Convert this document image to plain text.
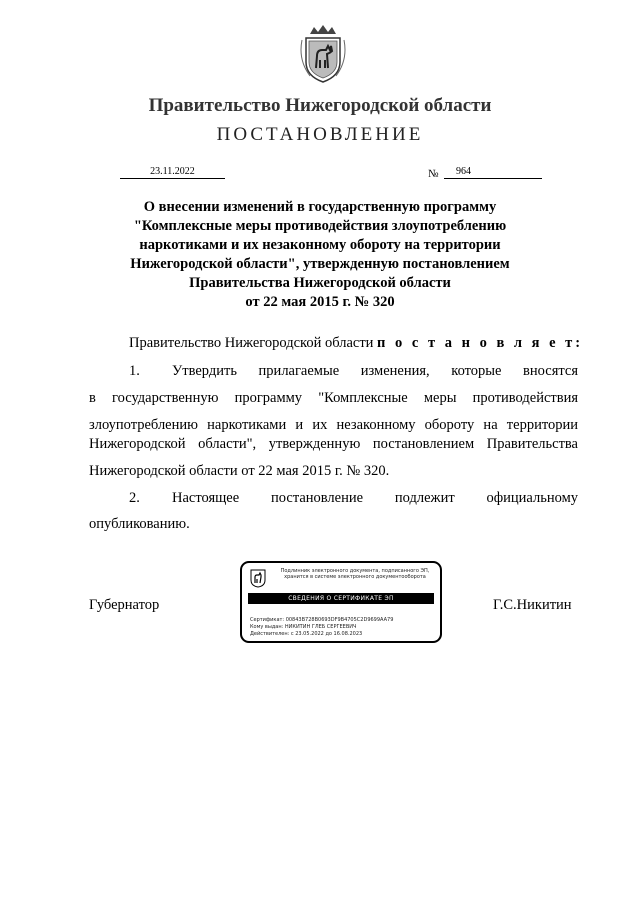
Правительство Нижегородской области
ПОСТАНОВЛЕНИЕ
23.11.2022	№	964
О внесении изменений в государственную программу
"Комплексные меры противодействия злоупотреблению
наркотиками и их незаконному обороту на территории
Нижегородской области", утвержденную постановлением
Правительства Нижегородской области
от 22 мая 2015 г. № 320
Правительство Нижегородской области п о с т а н о в л я е т:
1. Утвердить прилагаемые изменения, которые вносятся
в государственную программу "Комплексные меры противодействия
злоупотреблению наркотиками и их незаконному обороту на территории
Нижегородской области", утвержденную постановлением Правительства
Нижегородской области от 22 мая 2015 г. № 320.
2. Настоящее постановление подлежит официальному
опубликованию.
Губернатор	Г.С.Никитин
Подлинник электронного документа, подписанного ЭП,
хранится в системе электронного документооборота
СВЕДЕНИЯ О СЕРТИФИКАТЕ ЭП
Сертификат: 00843B728B0693DF9B4705C2D9699AA79
Кому выдан: НИКИТИН ГЛЕБ СЕРГЕЕВИЧ
Действителен: с 23.05.2022 до 16.08.2023
